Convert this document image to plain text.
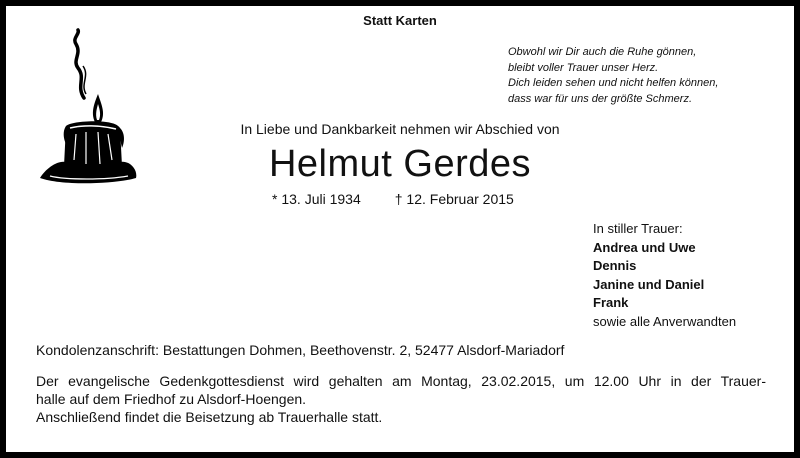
Statt Karten
Obwohl wir Dir auch die Ruhe gönnen,
bleibt voller Trauer unser Herz.
Dich leiden sehen und nicht helfen können,
dass war für uns der größte Schmerz.
In Liebe und Dankbarkeit nehmen wir Abschied von
Helmut Gerdes
* 13. Juli 1934 † 12. Februar 2015
In stiller Trauer:
Andrea und Uwe
Dennis
Janine und Daniel
Frank
sowie alle Anverwandten
Kondolenzanschrift: Bestattungen Dohmen, Beethovenstr. 2, 52477 Alsdorf-Mariadorf
Der evangelische Gedenkgottesdienst wird gehalten am Montag, 23.02.2015, um 12.00 Uhr in der Trauer-
halle auf dem Friedhof zu Alsdorf-Hoengen.
Anschließend findet die Beisetzung ab Trauerhalle statt.
